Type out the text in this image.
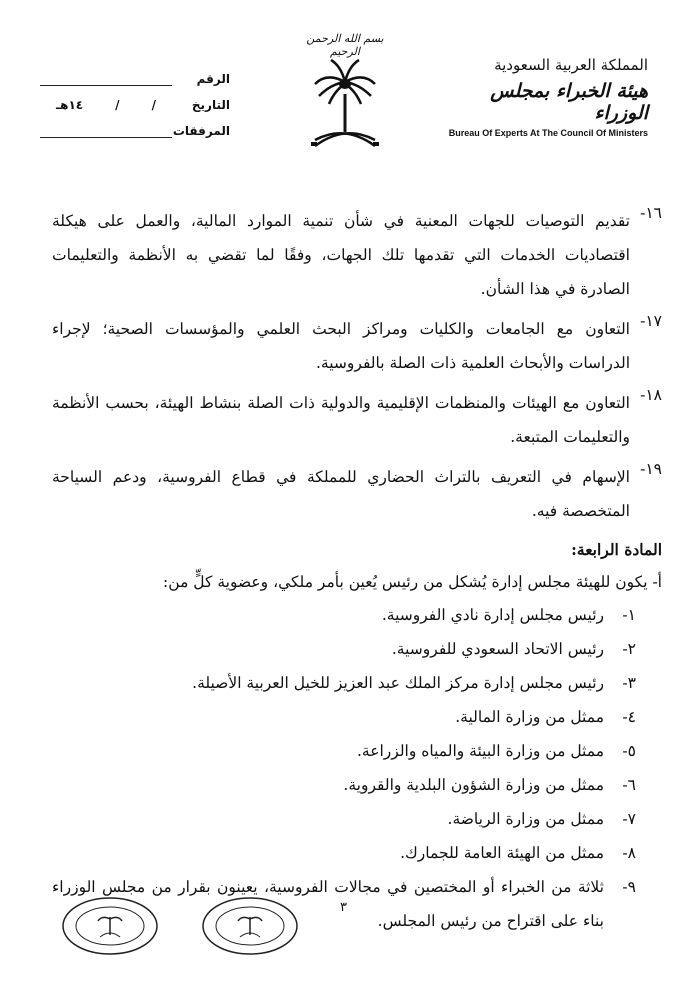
المملكة العربية السعودية
هيئة الخبراء بمجلس الوزراء
Bureau Of Experts At The Council Of Ministers
بسم الله الرحمن الرحيم
الرقم
التاريخ
/
/
١٤هـ
المرفقات
١٦-
تقديم التوصيات للجهات المعنية في شأن تنمية الموارد المالية، والعمل على هيكلة اقتصاديات الخدمات التي تقدمها تلك الجهات، وفقًا لما تقضي به الأنظمة والتعليمات الصادرة في هذا الشأن.
١٧-
التعاون مع الجامعات والكليات ومراكز البحث العلمي والمؤسسات الصحية؛ لإجراء الدراسات والأبحاث العلمية ذات الصلة بالفروسية.
١٨-
التعاون مع الهيئات والمنظمات الإقليمية والدولية ذات الصلة بنشاط الهيئة، بحسب الأنظمة والتعليمات المتبعة.
١٩-
الإسهام في التعريف بالتراث الحضاري للمملكة في قطاع الفروسية، ودعم السياحة المتخصصة فيه.
المادة الرابعة:
أ- يكون للهيئة مجلس إدارة يُشكل من رئيس يُعين بأمر ملكي، وعضوية كلٍّ من:
١-
رئيس مجلس إدارة نادي الفروسية.
٢-
رئيس الاتحاد السعودي للفروسية.
٣-
رئيس مجلس إدارة مركز الملك عبد العزيز للخيل العربية الأصيلة.
٤-
ممثل من وزارة المالية.
٥-
ممثل من وزارة البيئة والمياه والزراعة.
٦-
ممثل من وزارة الشؤون البلدية والقروية.
٧-
ممثل من وزارة الرياضة.
٨-
ممثل من الهيئة العامة للجمارك.
٩-
ثلاثة من الخبراء أو المختصين في مجالات الفروسية، يعينون بقرار من مجلس الوزراء بناء على اقتراح من رئيس المجلس.
٣
